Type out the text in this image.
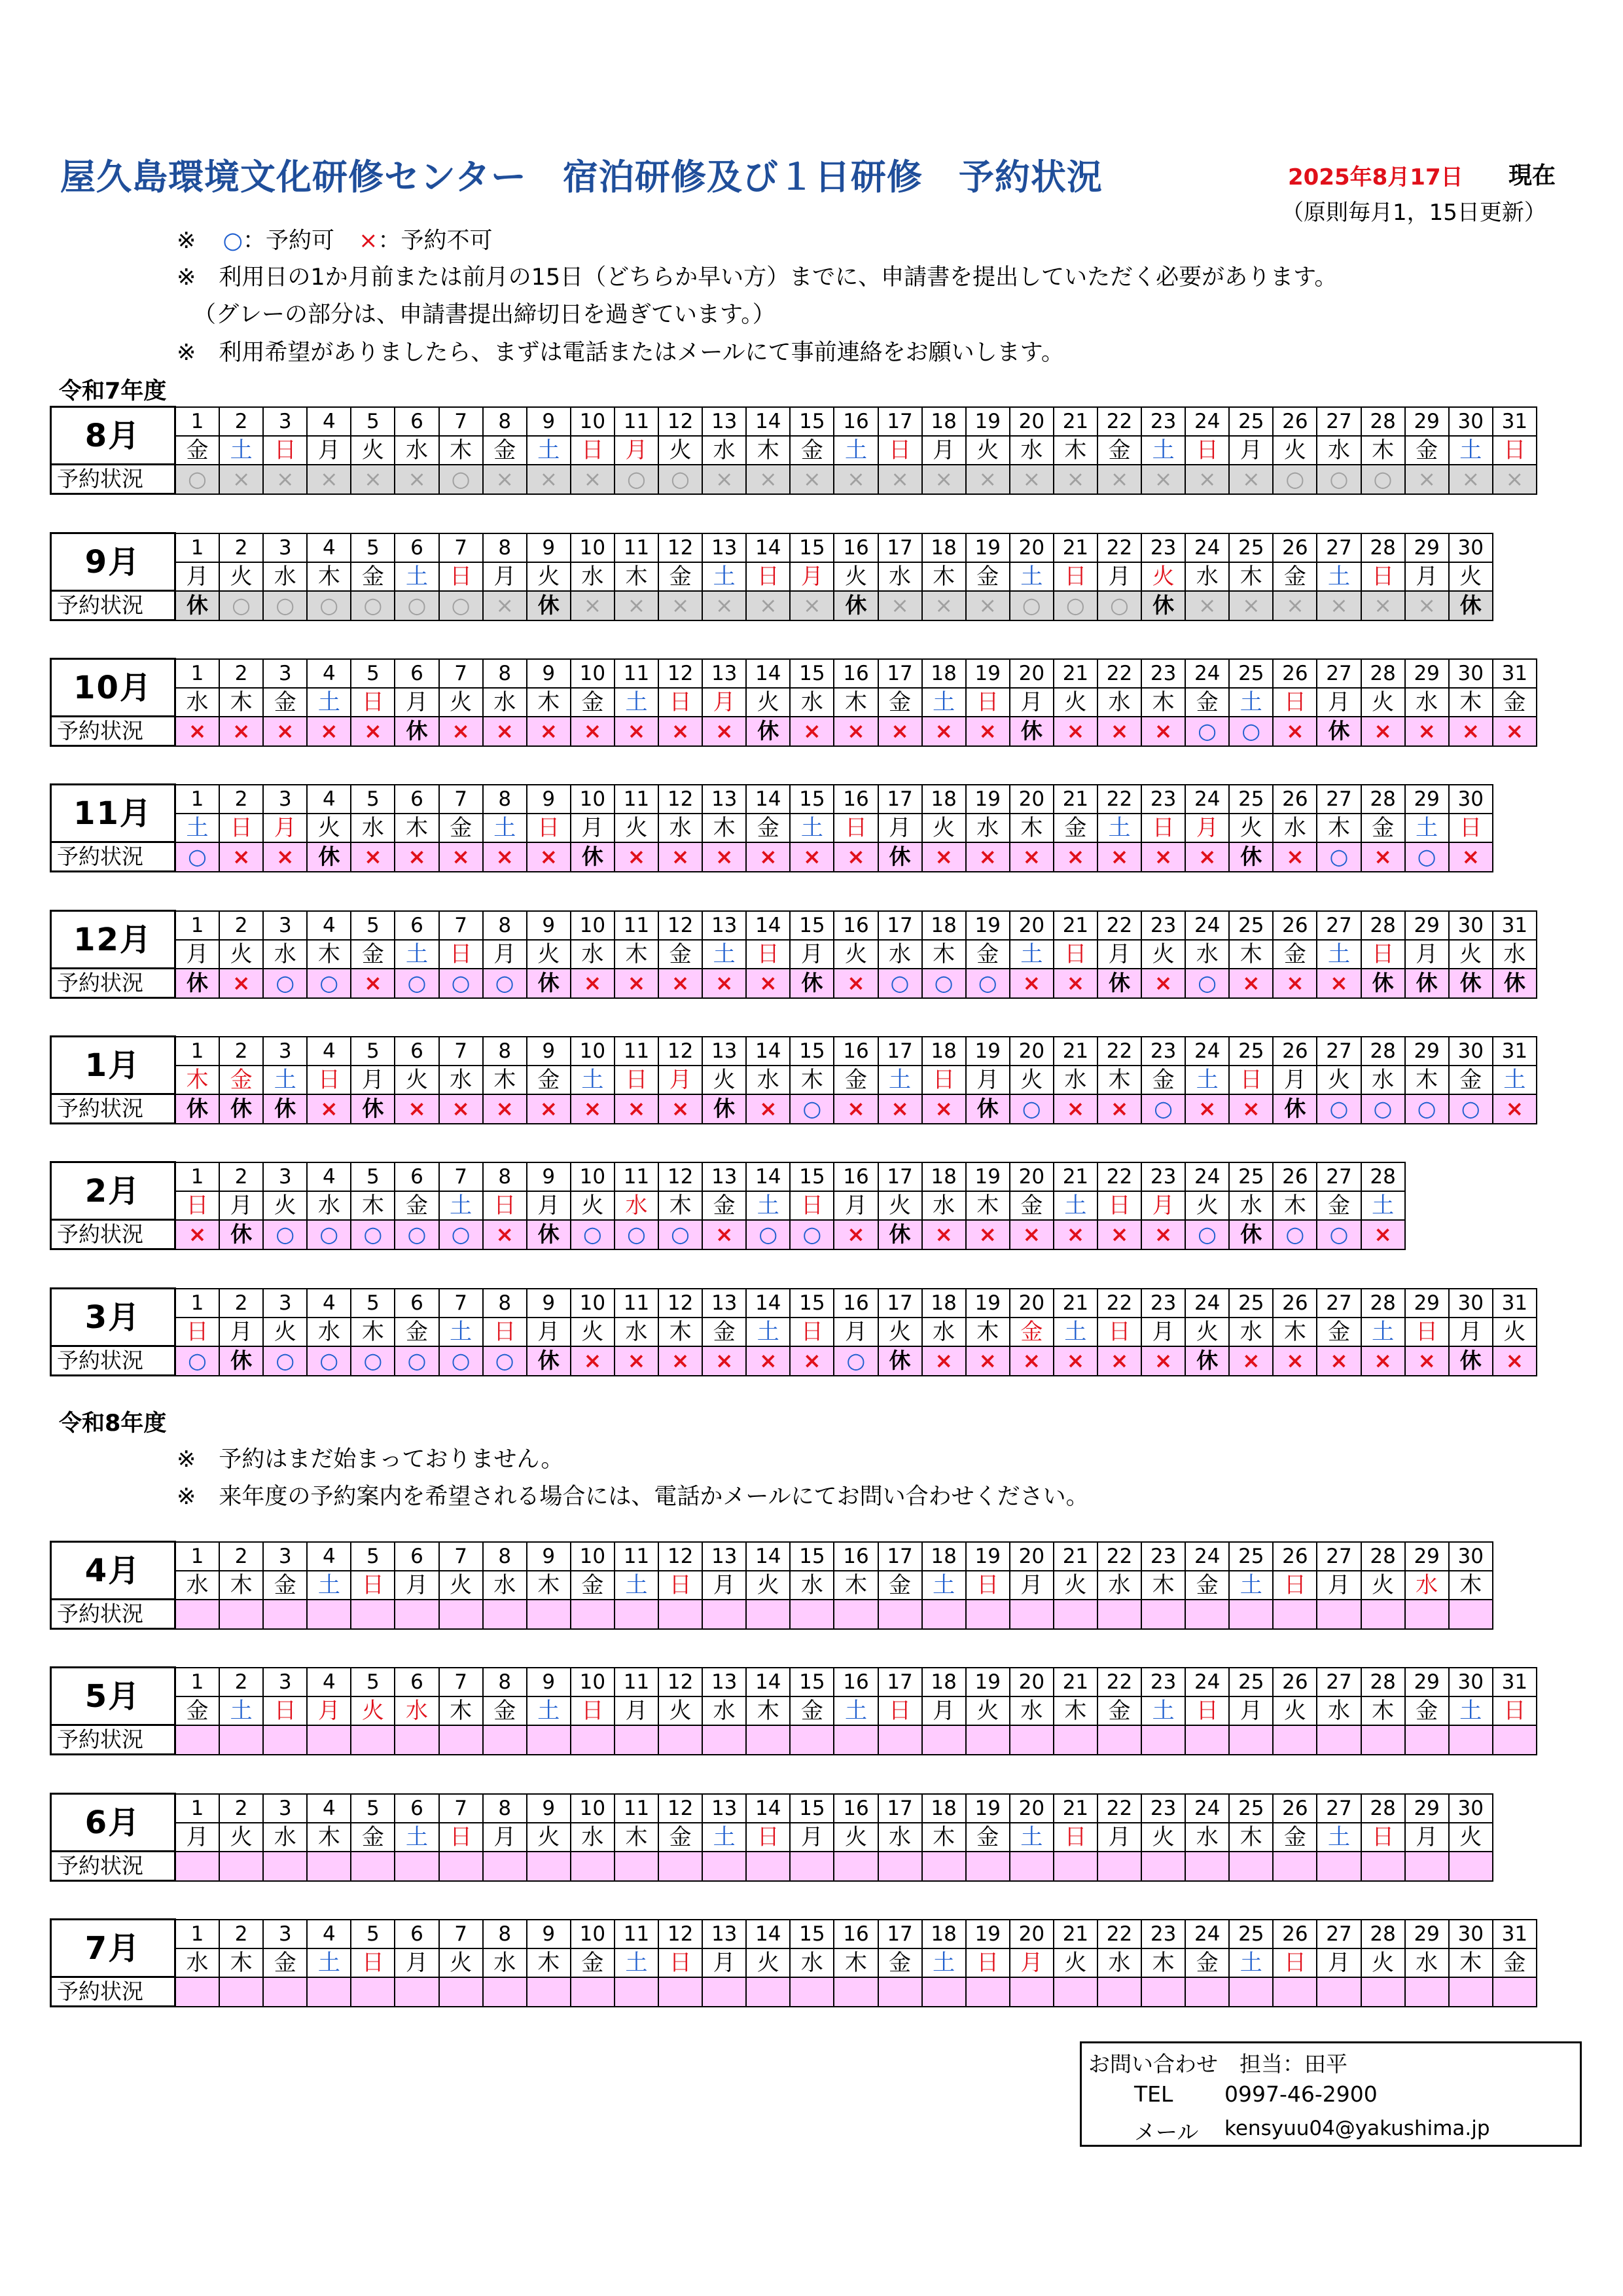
屋久島環境文化研修センター　宿泊研修及び１日研修　予約状況	2025年8月17日 現在
（原則毎月1，15日更新）
※ ○：予約可 ×：予約不可
※　利用日の1か月前または前月の15日（どちらか早い方）までに、申請書を提出していただく必要があります。
（グレーの部分は、申請書提出締切日を過ぎています。）
※　利用希望がありましたら、まずは電話またはメールにて事前連絡をお願いします。
令和7年度
令和8年度
※　予約はまだ始まっておりません。
※　来年度の予約案内を希望される場合には、電話かメールにてお問い合わせください。
8月	1	2	3	4	5	6	7	8	9	10	11	12	13	14	15	16	17	18	19	20	21	22	23	24	25	26	27	28	29	30	31
	金	土	日	月	火	水	木	金	土	日	月	火	水	木	金	土	日	月	火	水	木	金	土	日	月	火	水	木	金	土	日
予約状況	○	×	×	×	×	×	○	×	×	×	○	○	×	×	×	×	×	×	×	×	×	×	×	×	×	○	○	○	×	×	×
9月	1	2	3	4	5	6	7	8	9	10	11	12	13	14	15	16	17	18	19	20	21	22	23	24	25	26	27	28	29	30
	月	火	水	木	金	土	日	月	火	水	木	金	土	日	月	火	水	木	金	土	日	月	火	水	木	金	土	日	月	火
予約状況	休	○	○	○	○	○	○	×	休	×	×	×	×	×	×	休	×	×	×	○	○	○	休	×	×	×	×	×	×	休
10月	1	2	3	4	5	6	7	8	9	10	11	12	13	14	15	16	17	18	19	20	21	22	23	24	25	26	27	28	29	30	31
	水	木	金	土	日	月	火	水	木	金	土	日	月	火	水	木	金	土	日	月	火	水	木	金	土	日	月	火	水	木	金
予約状況	×	×	×	×	×	休	×	×	×	×	×	×	×	休	×	×	×	×	×	休	×	×	×	○	○	×	休	×	×	×	×
11月	1	2	3	4	5	6	7	8	9	10	11	12	13	14	15	16	17	18	19	20	21	22	23	24	25	26	27	28	29	30
	土	日	月	火	水	木	金	土	日	月	火	水	木	金	土	日	月	火	水	木	金	土	日	月	火	水	木	金	土	日
予約状況	○	×	×	休	×	×	×	×	×	休	×	×	×	×	×	×	休	×	×	×	×	×	×	×	休	×	○	×	○	×
12月	1	2	3	4	5	6	7	8	9	10	11	12	13	14	15	16	17	18	19	20	21	22	23	24	25	26	27	28	29	30	31
	月	火	水	木	金	土	日	月	火	水	木	金	土	日	月	火	水	木	金	土	日	月	火	水	木	金	土	日	月	火	水
予約状況	休	×	○	○	×	○	○	○	休	×	×	×	×	×	休	×	○	○	○	×	×	休	×	○	×	×	×	休	休	休	休
1月	1	2	3	4	5	6	7	8	9	10	11	12	13	14	15	16	17	18	19	20	21	22	23	24	25	26	27	28	29	30	31
	木	金	土	日	月	火	水	木	金	土	日	月	火	水	木	金	土	日	月	火	水	木	金	土	日	月	火	水	木	金	土
予約状況	休	休	休	×	休	×	×	×	×	×	×	×	休	×	○	×	×	×	休	○	×	×	○	×	×	休	○	○	○	○	×
2月	1	2	3	4	5	6	7	8	9	10	11	12	13	14	15	16	17	18	19	20	21	22	23	24	25	26	27	28
	日	月	火	水	木	金	土	日	月	火	水	木	金	土	日	月	火	水	木	金	土	日	月	火	水	木	金	土
予約状況	×	休	○	○	○	○	○	×	休	○	○	○	×	○	○	×	休	×	×	×	×	×	×	○	休	○	○	×
3月	1	2	3	4	5	6	7	8	9	10	11	12	13	14	15	16	17	18	19	20	21	22	23	24	25	26	27	28	29	30	31
	日	月	火	水	木	金	土	日	月	火	水	木	金	土	日	月	火	水	木	金	土	日	月	火	水	木	金	土	日	月	火
予約状況	○	休	○	○	○	○	○	○	休	×	×	×	×	×	×	○	休	×	×	×	×	×	×	休	×	×	×	×	×	休	×
4月	1	2	3	4	5	6	7	8	9	10	11	12	13	14	15	16	17	18	19	20	21	22	23	24	25	26	27	28	29	30
	水	木	金	土	日	月	火	水	木	金	土	日	月	火	水	木	金	土	日	月	火	水	木	金	土	日	月	火	水	木
予約状況																														
5月	1	2	3	4	5	6	7	8	9	10	11	12	13	14	15	16	17	18	19	20	21	22	23	24	25	26	27	28	29	30	31
	金	土	日	月	火	水	木	金	土	日	月	火	水	木	金	土	日	月	火	水	木	金	土	日	月	火	水	木	金	土	日
予約状況																															
6月	1	2	3	4	5	6	7	8	9	10	11	12	13	14	15	16	17	18	19	20	21	22	23	24	25	26	27	28	29	30
	月	火	水	木	金	土	日	月	火	水	木	金	土	日	月	火	水	木	金	土	日	月	火	水	木	金	土	日	月	火
予約状況																														
7月	1	2	3	4	5	6	7	8	9	10	11	12	13	14	15	16	17	18	19	20	21	22	23	24	25	26	27	28	29	30	31
	水	木	金	土	日	月	火	水	木	金	土	日	月	火	水	木	金	土	日	月	火	水	木	金	土	日	月	火	水	木	金
予約状況																															
お問い合わせ　担当：田平
TEL 0997-46-2900
メール kensyuu04@yakushima.jp
